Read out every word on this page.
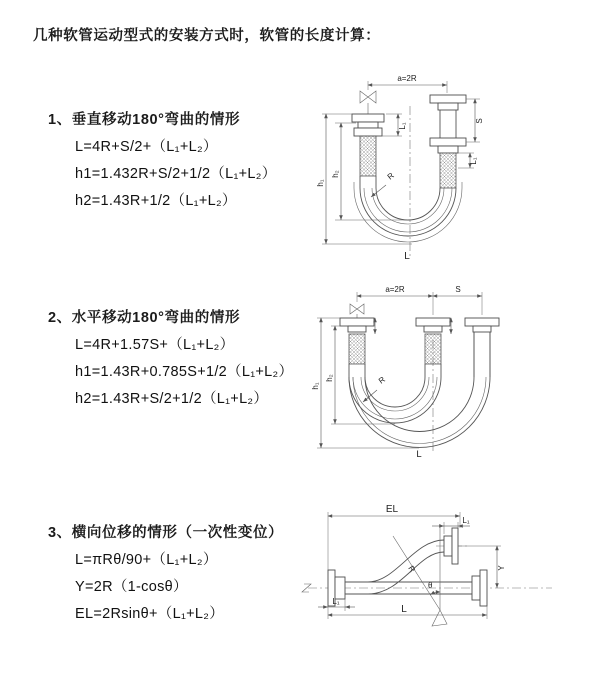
几种软管运动型式的安装方式时，软管的长度计算：
1、垂直移动180°弯曲的情形
L=4R+S/2+（L₁+L₂）
h1=1.432R+S/2+1/2（L₁+L₂）
h2=1.43R+1/2（L₁+L₂）
2、水平移动180°弯曲的情形
L=4R+1.57S+（L₁+L₂）
h1=1.43R+0.785S+1/2（L₁+L₂）
h2=1.43R+S/2+1/2（L₁+L₂）
3、横向位移的情形（一次性变位）
L=πRθ/90+（L₁+L₂）
Y=2R（1-cosθ）
EL=2Rsinθ+（L₁+L₂）
a=2R
R
L
h₁
h₂
L₁
S
L₁
a=2R	S
R
L
h₁
h₂
EL
L₁
Y
θ
R
L₁
L
